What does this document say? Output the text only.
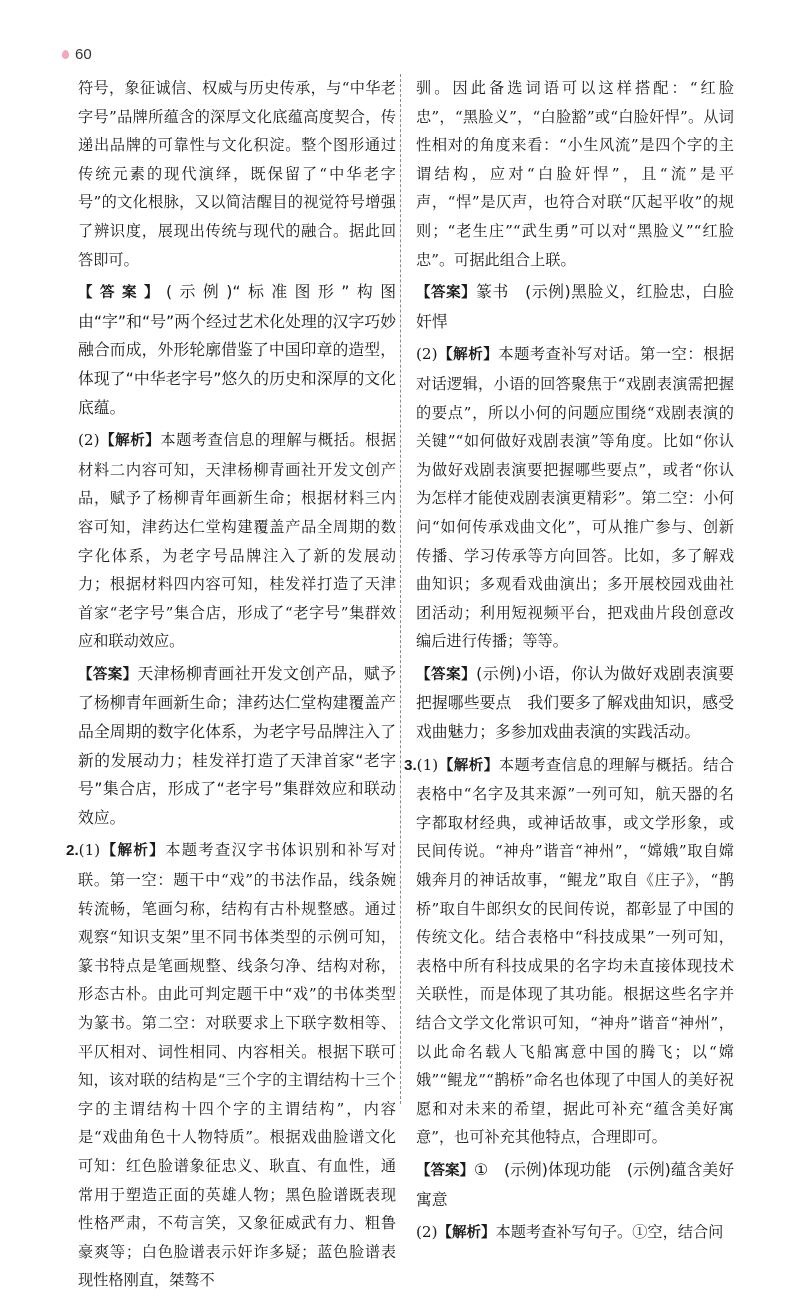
60

符号，象征诚信、权威与历史传承，与“中华老字号”品牌所蕴含的深厚文化底蕴高度契合，传递出品牌的可靠性与文化积淀。整个图形通过传统元素的现代演绎，既保留了“中华老字号”的文化根脉，又以简洁醒目的视觉符号增强了辨识度，展现出传统与现代的融合。据此回答即可。

【答案】(示例)“标准图形”构图由“字”和“号”两个经过艺术化处理的汉字巧妙融合而成，外形轮廓借鉴了中国印章的造型，体现了“中华老字号”悠久的历史和深厚的文化底蕴。

(2)【解析】本题考查信息的理解与概括。根据材料二内容可知，天津杨柳青画社开发文创产品，赋予了杨柳青年画新生命；根据材料三内容可知，津药达仁堂构建覆盖产品全周期的数字化体系，为老字号品牌注入了新的发展动力；根据材料四内容可知，桂发祥打造了天津首家“老字号”集合店，形成了“老字号”集群效应和联动效应。

【答案】天津杨柳青画社开发文创产品，赋予了杨柳青年画新生命；津药达仁堂构建覆盖产品全周期的数字化体系，为老字号品牌注入了新的发展动力；桂发祥打造了天津首家“老字号”集合店，形成了“老字号”集群效应和联动效应。

2.(1)【解析】本题考查汉字书体识别和补写对联。第一空：题干中“戏”的书法作品，线条婉转流畅，笔画匀称，结构有古朴规整感。通过观察“知识支架”里不同书体类型的示例可知，篆书特点是笔画规整、线条匀净、结构对称，形态古朴。由此可判定题干中“戏”的书体类型为篆书。第二空：对联要求上下联字数相等、平仄相对、词性相同、内容相关。根据下联可知，该对联的结构是“三个字的主谓结构十三个字的主谓结构十四个字的主谓结构”，内容是“戏曲角色十人物特质”。根据戏曲脸谱文化可知：红色脸谱象征忠义、耿直、有血性，通常用于塑造正面的英雄人物；黑色脸谱既表现性格严肃，不苟言笑，又象征威武有力、粗鲁豪爽等；白色脸谱表示奸诈多疑；蓝色脸谱表现性格刚直，桀骜不

驯。因此备选词语可以这样搭配：“红脸忠”，“黑脸义”，“白脸豁”或“白脸奸悍”。从词性相对的角度来看：“小生风流”是四个字的主谓结构，应对“白脸奸悍”，且“流”是平声，“悍”是仄声，也符合对联“仄起平收”的规则；“老生庄”“武生勇”可以对“黑脸义”“红脸忠”。可据此组合上联。

【答案】篆书　(示例)黑脸义，红脸忠，白脸奸悍

(2)【解析】本题考查补写对话。第一空：根据对话逻辑，小语的回答聚焦于“戏剧表演需把握的要点”，所以小何的问题应围绕“戏剧表演的关键”“如何做好戏剧表演”等角度。比如“你认为做好戏剧表演要把握哪些要点”，或者“你认为怎样才能使戏剧表演更精彩”。第二空：小何问“如何传承戏曲文化”，可从推广参与、创新传播、学习传承等方向回答。比如，多了解戏曲知识；多观看戏曲演出；多开展校园戏曲社团活动；利用短视频平台，把戏曲片段创意改编后进行传播；等等。

【答案】(示例)小语，你认为做好戏剧表演要把握哪些要点　我们要多了解戏曲知识，感受戏曲魅力；多参加戏曲表演的实践活动。

3.(1)【解析】本题考查信息的理解与概括。结合表格中“名字及其来源”一列可知，航天器的名字都取材经典，或神话故事，或文学形象，或民间传说。“神舟”谐音“神州”，“嫦娥”取自嫦娥奔月的神话故事，“鲲龙”取自《庄子》，“鹊桥”取自牛郎织女的民间传说，都彰显了中国的传统文化。结合表格中“科技成果”一列可知，表格中所有科技成果的名字均未直接体现技术关联性，而是体现了其功能。根据这些名字并结合文学文化常识可知，“神舟”谐音“神州”，以此命名载人飞船寓意中国的腾飞；以“嫦娥”“鲲龙”“鹊桥”命名也体现了中国人的美好祝愿和对未来的希望，据此可补充“蕴含美好寓意”，也可补充其他特点，合理即可。

【答案】①　(示例)体现功能　(示例)蕴含美好寓意

(2)【解析】本题考查补写句子。①空，结合问
